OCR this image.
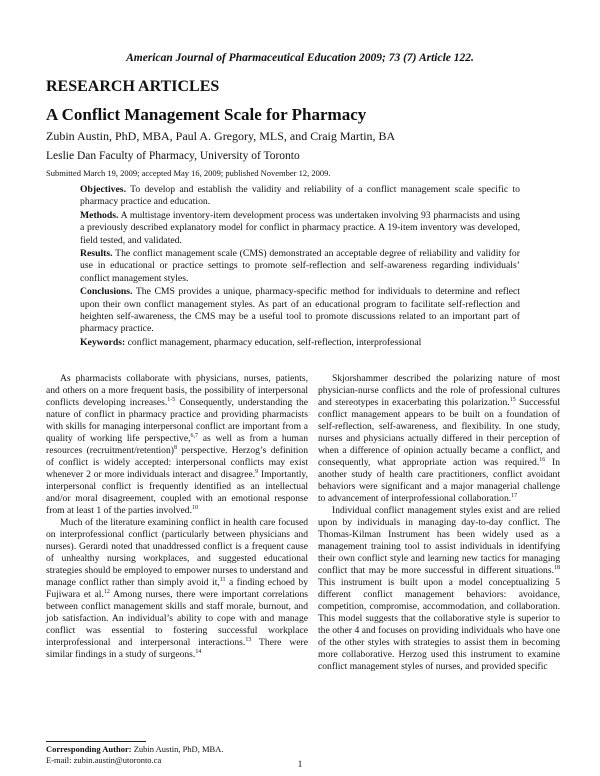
American Journal of Pharmaceutical Education 2009; 73 (7) Article 122.
RESEARCH ARTICLES
A Conflict Management Scale for Pharmacy
Zubin Austin, PhD, MBA, Paul A. Gregory, MLS, and Craig Martin, BA
Leslie Dan Faculty of Pharmacy, University of Toronto
Submitted March 19, 2009; accepted May 16, 2009; published November 12, 2009.

Objectives. To develop and establish the validity and reliability of a conflict management scale specific to pharmacy practice and education.

Methods. A multistage inventory-item development process was undertaken involving 93 pharmacists and using a previously described explanatory model for conflict in pharmacy practice. A 19-item inventory was developed, field tested, and validated.

Results. The conflict management scale (CMS) demonstrated an acceptable degree of reliability and validity for use in educational or practice settings to promote self-reflection and self-awareness regarding individuals’ conflict management styles.

Conclusions. The CMS provides a unique, pharmacy-specific method for individuals to determine and reflect upon their own conflict management styles. As part of an educational program to facilitate self-reflection and heighten self-awareness, the CMS may be a useful tool to promote discussions related to an important part of pharmacy practice.

Keywords: conflict management, pharmacy education, self-reflection, interprofessional

As pharmacists collaborate with physicians, nurses, patients, and others on a more frequent basis, the possibility of interpersonal conflicts developing increases.$^{1-5}$ Consequently, understanding the nature of conflict in pharmacy practice and providing pharmacists with skills for managing interpersonal conflict are important from a quality of working life perspective,$^{6,7}$ as well as from a human resources (recruitment/retention)$^8$ perspective. Herzog’s definition of conflict is widely accepted: interpersonal conflicts may exist whenever 2 or more individuals interact and disagree.$^9$ Importantly, interpersonal conflict is frequently identified as an intellectual and/or moral disagreement, coupled with an emotional response from at least 1 of the parties involved.$^{10}$

Much of the literature examining conflict in health care focused on interprofessional conflict (particularly between physicians and nurses). Gerardi noted that unaddressed conflict is a frequent cause of unhealthy nursing workplaces, and suggested educational strategies should be employed to empower nurses to understand and manage conflict rather than simply avoid it,$^{11}$ a finding echoed by Fujiwara et al.$^{12}$ Among nurses, there were important correlations between conflict management skills and staff morale, burnout, and job satisfaction. An individual’s ability to cope with and manage conflict was essential to fostering successful workplace interprofessional and interpersonal interactions.$^{13}$ There were similar findings in a study of surgeons.$^{14}$

Skjorshammer described the polarizing nature of most physician-nurse conflicts and the role of professional cultures and stereotypes in exacerbating this polarization.$^{15}$ Successful conflict management appears to be built on a foundation of self-reflection, self-awareness, and flexibility. In one study, nurses and physicians actually differed in their perception of when a difference of opinion actually became a conflict, and consequently, what appropriate action was required.$^{16}$ In another study of health care practitioners, conflict avoidant behaviors were significant and a major managerial challenge to advancement of interprofessional collaboration.$^{17}$

Individual conflict management styles exist and are relied upon by individuals in managing day-to-day conflict. The Thomas-Kilman Instrument has been widely used as a management training tool to assist individuals in identifying their own conflict style and learning new tactics for managing conflict that may be more successful in different situations.$^{18}$ This instrument is built upon a model conceptualizing 5 different conflict management behaviors: avoidance, competition, compromise, accommodation, and collaboration. This model suggests that the collaborative style is superior to the other 4 and focuses on providing individuals who have one of the other styles with strategies to assist them in becoming more collaborative. Herzog used this instrument to examine conflict management styles of nurses, and provided specific

Corresponding Author: Zubin Austin, PhD, MBA.
E-mail: zubin.austin@utoronto.ca	1
